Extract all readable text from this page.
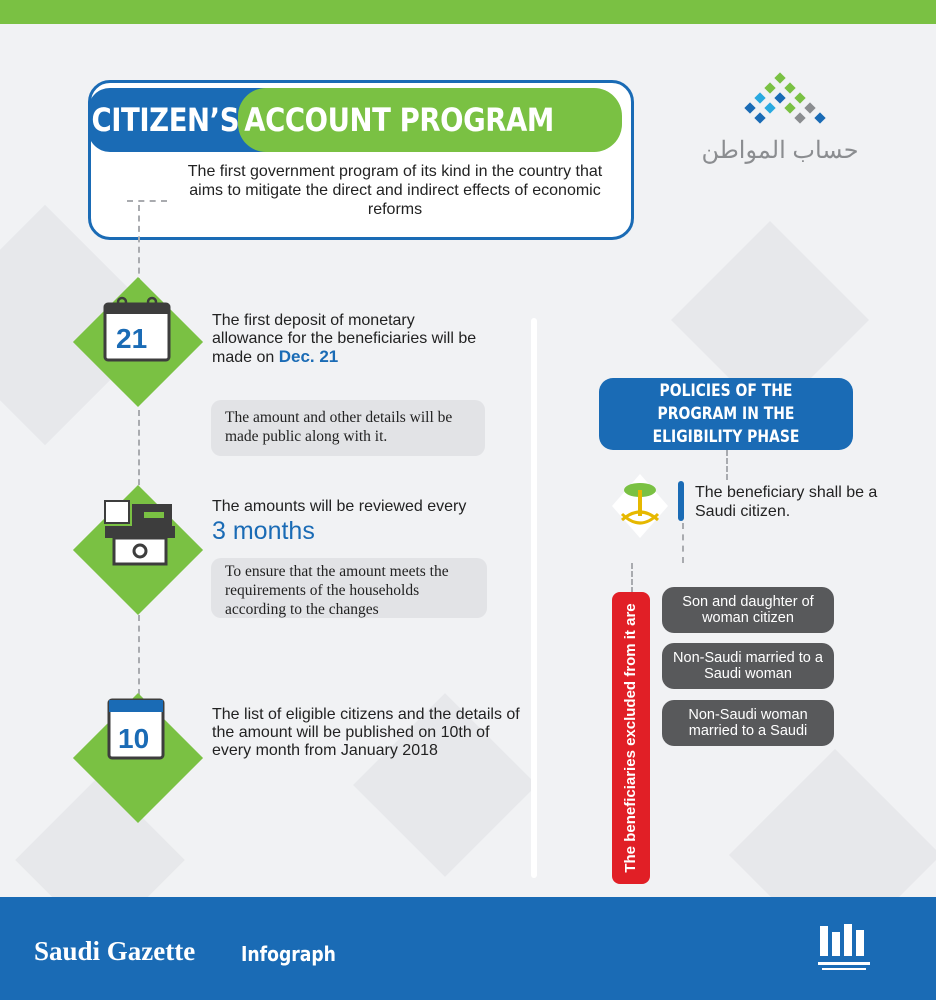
CITIZEN’S ACCOUNT PROGRAM
The first government program of its kind in the country that aims to mitigate the direct and indirect effects of economic reforms
حساب المواطن
21
The first deposit of monetary allowance for the beneficiaries will be made on Dec. 21
The amount and other details will be made public along with it.
The amounts will be reviewed every
3 months
To ensure that the amount meets the requirements of the households according to the changes
10
The list of eligible citizens and the details of the amount will be published on 10th of every month from January 2018
POLICIES OF THE PROGRAM IN THE ELIGIBILITY PHASE
The beneficiary shall be a Saudi citizen.
The beneficiaries excluded from it are
Son and daughter of woman citizen
Non-Saudi married to a Saudi woman
Non-Saudi woman married to a Saudi
Saudi Gazette Infograph
